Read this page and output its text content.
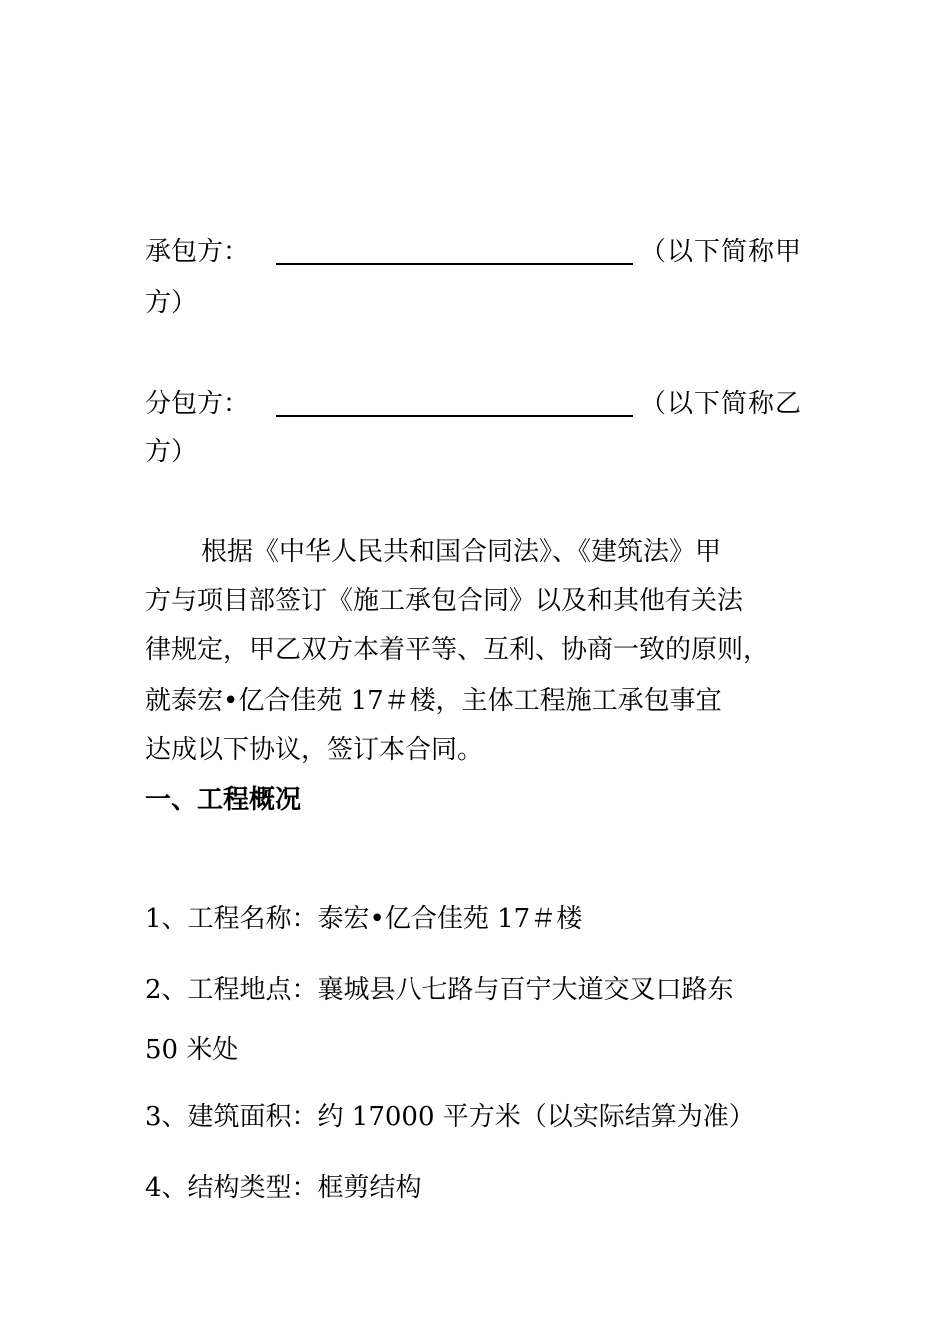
承包方：	（以下简称甲
方）
分包方：	（以下简称乙
方）
根据《中华人民共和国合同法》、《建筑法》甲
方与项目部签订《施工承包合同》以及和其他有关法
律规定，甲乙双方本着平等、互利、协商一致的原则，
就泰宏•亿合佳苑 17＃楼，主体工程施工承包事宜
达成以下协议，签订本合同。
一、工程概况
1、工程名称：泰宏•亿合佳苑 17＃楼
2、工程地点：襄城县八七路与百宁大道交叉口路东
50 米处
3、建筑面积：约 17000 平方米（以实际结算为准）
4、结构类型：框剪结构
